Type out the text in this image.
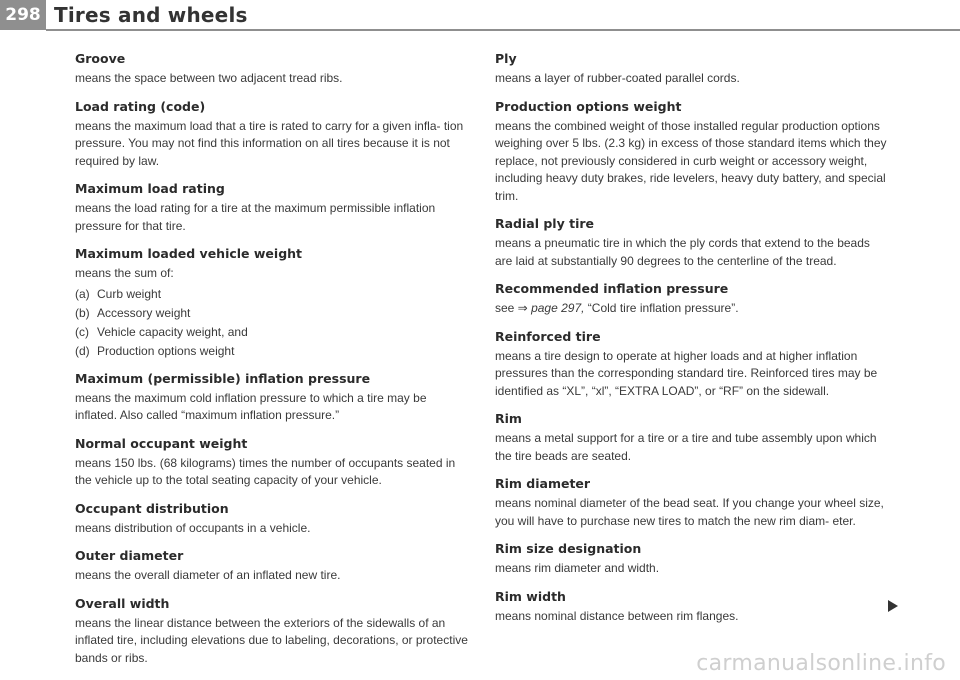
298 Tires and wheels
Groove

means the space between two adjacent tread ribs.

Load rating (code)

means the maximum load that a tire is rated to carry for a given infla- tion pressure. You may not find this information on all tires because it is not required by law.

Maximum load rating

means the load rating for a tire at the maximum permissible inflation pressure for that tire.

Maximum loaded vehicle weight

means the sum of:

(a) Curb weight
(b) Accessory weight
(c) Vehicle capacity weight, and
(d) Production options weight
Maximum (permissible) inflation pressure

means the maximum cold inflation pressure to which a tire may be inflated. Also called “maximum inflation pressure.”

Normal occupant weight

means 150 lbs. (68 kilograms) times the number of occupants seated in the vehicle up to the total seating capacity of your vehicle.

Occupant distribution

means distribution of occupants in a vehicle.

Outer diameter

means the overall diameter of an inflated new tire.

Overall width

means the linear distance between the exteriors of the sidewalls of an inflated tire, including elevations due to labeling, decorations, or protective bands or ribs.

Ply

means a layer of rubber-coated parallel cords.

Production options weight

means the combined weight of those installed regular production options weighing over 5 lbs. (2.3 kg) in excess of those standard items which they replace, not previously considered in curb weight or accessory weight, including heavy duty brakes, ride levelers, heavy duty battery, and special trim.

Radial ply tire

means a pneumatic tire in which the ply cords that extend to the beads are laid at substantially 90 degrees to the centerline of the tread.

Recommended inflation pressure

see ⇒ page 297, “Cold tire inflation pressure”.

Reinforced tire

means a tire design to operate at higher loads and at higher inflation pressures than the corresponding standard tire. Reinforced tires may be identified as “XL”, “xl”, “EXTRA LOAD”, or “RF” on the sidewall.

Rim

means a metal support for a tire or a tire and tube assembly upon which the tire beads are seated.

Rim diameter

means nominal diameter of the bead seat. If you change your wheel size, you will have to purchase new tires to match the new rim diam- eter.

Rim size designation

means rim diameter and width.

Rim width

means nominal distance between rim flanges.

carmanualsonline.info
